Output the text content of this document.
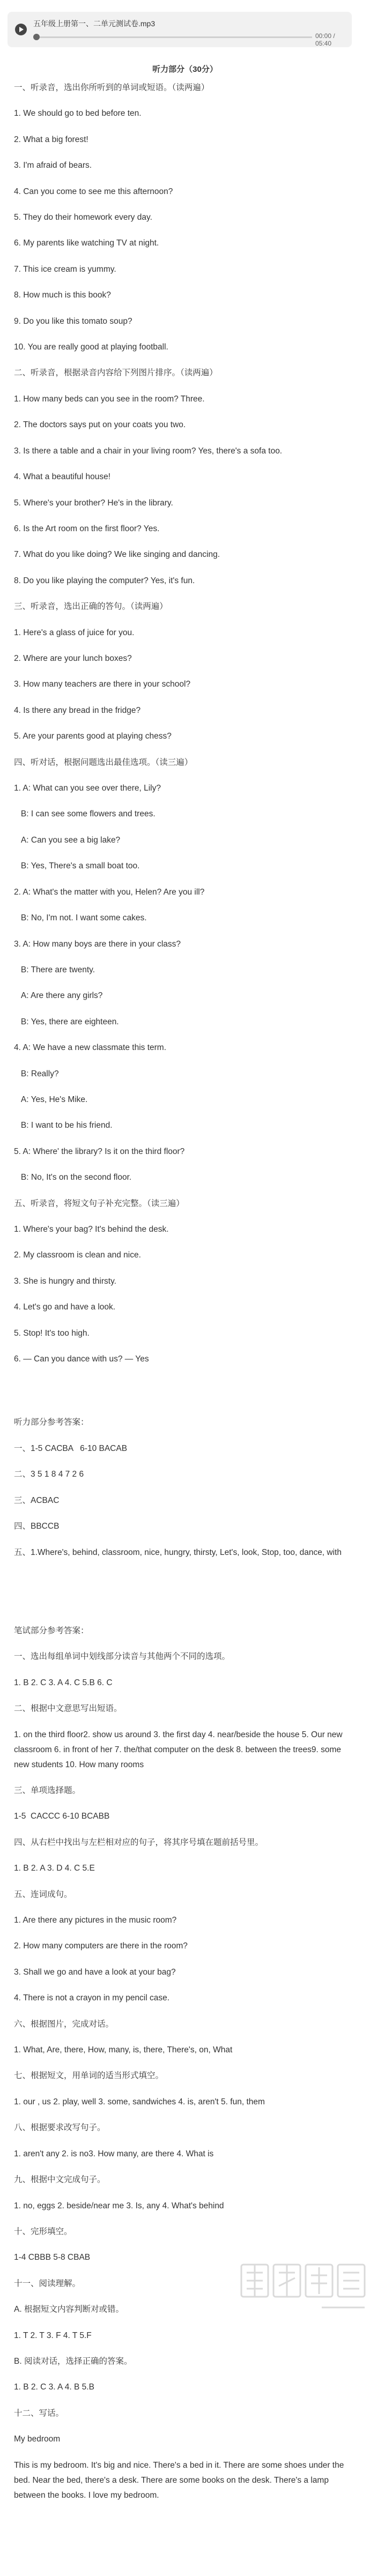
五年级上册第一、二单元测试卷.mp3
00:00 / 05:40
听力部分（30分）

一、听录音，选出你所听到的单词或短语。（读两遍）

1. We should go to bed before ten.

2. What a big forest!

3. I'm afraid of bears.

4. Can you come to see me this afternoon?

5. They do their homework every day.

6. My parents like watching TV at night.

7. This ice cream is yummy.

8. How much is this book?

9. Do you like this tomato soup?

10. You are really good at playing football.

二、听录音，根据录音内容给下列图片排序。（读两遍）

1. How many beds can you see in the room? Three.

2. The doctors says put on your coats you two.

3. Is there a table and a chair in your living room? Yes, there's a sofa too.

4. What a beautiful house!

5. Where's your brother? He's in the library.

6. Is the Art room on the first floor? Yes.

7. What do you like doing? We like singing and dancing.

8. Do you like playing the computer? Yes, it's fun.

三、听录音，选出正确的答句。（读两遍）

1. Here's a glass of juice for you.

2. Where are your lunch boxes?

3. How many teachers are there in your school?

4. Is there any bread in the fridge?

5. Are your parents good at playing chess?

四、听对话，根据问题选出最佳选项。（读三遍）

1. A: What can you see over there, Lily?

B: I can see some flowers and trees.

A: Can you see a big lake?

B: Yes, There's a small boat too.

2. A: What's the matter with you, Helen? Are you ill?

B: No, I'm not. I want some cakes.

3. A: How many boys are there in your class?

B: There are twenty.

A: Are there any girls?

B: Yes, there are eighteen.

4. A: We have a new classmate this term.

B: Really?

A: Yes, He's Mike.

B: I want to be his friend.

5. A: Where' the library? Is it on the third floor?

B: No, It's on the second floor.

五、听录音，将短文句子补充完整。（读三遍）

1. Where's your bag? It's behind the desk.

2. My classroom is clean and nice.

3. She is hungry and thirsty.

4. Let's go and have a look.

5. Stop! It's too high.

6. — Can you dance with us? — Yes

听力部分参考答案：

一、1-5 CACBA   6-10 BACAB

二、3 5 1 8 4 7 2 6

三、ACBAC

四、BBCCB

五、1.Where's, behind, classroom, nice, hungry, thirsty, Let's, look, Stop, too, dance, with

笔试部分参考答案：

一、选出每组单词中划线部分读音与其他两个不同的选项。

1. B 2. C 3. A 4. C 5.B 6. C

二、根据中文意思写出短语。

1. on the third floor2. show us around 3. the first day 4. near/beside the house 5. Our new classroom 6. in front of her 7. the/that computer on the desk 8. between the trees9. some new students 10. How many rooms

三、单项选择题。

1-5  CACCC 6-10 BCABB

四、从右栏中找出与左栏相对应的句子，将其序号填在题前括号里。

1. B 2. A 3. D 4. C 5.E

五、连词成句。

1. Are there any pictures in the music room?

2. How many computers are there in the room?

3. Shall we go and have a look at your bag?

4. There is not a crayon in my pencil case.

六、根据图片，完成对话。

1. What, Are, there, How, many, is, there, There's, on, What

七、根据短文，用单词的适当形式填空。

1. our , us 2. play, well 3. some, sandwiches 4. is, aren't 5. fun, them

八、根据要求改写句子。

1. aren't any 2. is no3. How many, are there 4. What is

九、根据中文完成句子。

1. no, eggs 2. beside/near me 3. Is, any 4. What's behind

十、完形填空。

1-4 CBBB 5-8 CBAB

十一、阅读理解。

A. 根据短文内容判断对或错。

1. T 2. T 3. F 4. T 5.F

B. 阅读对话，选择正确的答案。

1. B 2. C 3. A 4. B 5.B

十二、写话。

My bedroom

This is my bedroom. It's big and nice. There's a bed in it. There are some shoes under the bed. Near the bed, there's a desk. There are some books on the desk. There's a lamp between the books. I love my bedroom.
